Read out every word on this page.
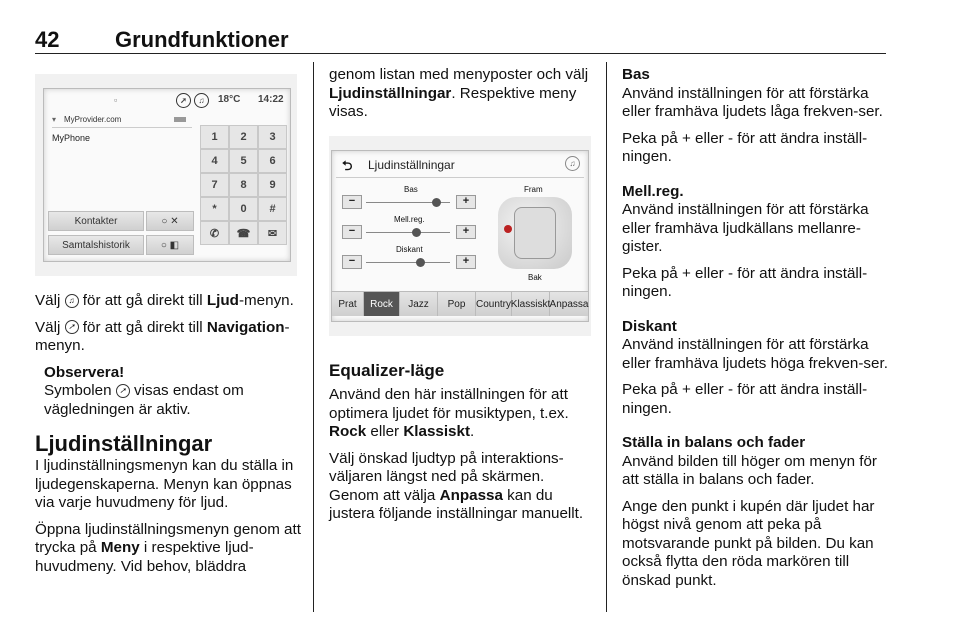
42	Grundfunktioner
▫	➚	♫	18°C 14:22
MyProvider.com
▾
MyPhone	1	2	3
4	5	6
7	8	9
*	0	#
✆ ☎ ✉
Kontakter	○ ✕
Samtalshistorik	○ ◧

Välj ♫ för att gå direkt till Ljud-menyn.

Välj ➚ för att gå direkt till Navigation-menyn.

Observera!
Symbolen ➚ visas endast om vägledningen är aktiv.
Ljudinställningar

I ljudinställningsmenyn kan du ställa in ljudegenskaperna. Menyn kan öppnas via varje huvudmeny för ljud.

Öppna ljudinställningsmenyn genom att trycka på Meny i respektive ljud-huvudmeny. Vid behov, bläddra

genom listan med menyposter och välj Ljudinställningar. Respektive meny visas.

⮌ Ljudinställningar	♫
Bas
−	+
Mell.reg.
−	+
Diskant
−	+
Fram
Bak
Prat	Rock	Jazz	Pop	Country Klassiskt Anpassa
Equalizer-läge

Använd den här inställningen för att optimera ljudet för musiktypen, t.ex. Rock eller Klassiskt.

Välj önskad ljudtyp på interaktions-väljaren längst ned på skärmen.

Genom att välja Anpassa kan du justera följande inställningar manuellt.

Bas

Använd inställningen för att förstärka eller framhäva ljudets låga frekven-ser.

Peka på + eller - för att ändra inställ-ningen.

Mell.reg.

Använd inställningen för att förstärka eller framhäva ljudkällans mellanre-gister.

Peka på + eller - för att ändra inställ-ningen.

Diskant

Använd inställningen för att förstärka eller framhäva ljudets höga frekven-ser.

Peka på + eller - för att ändra inställ-ningen.

Ställa in balans och fader

Använd bilden till höger om menyn för att ställa in balans och fader.

Ange den punkt i kupén där ljudet har högst nivå genom att peka på motsvarande punkt på bilden. Du kan också flytta den röda markören till önskad punkt.
